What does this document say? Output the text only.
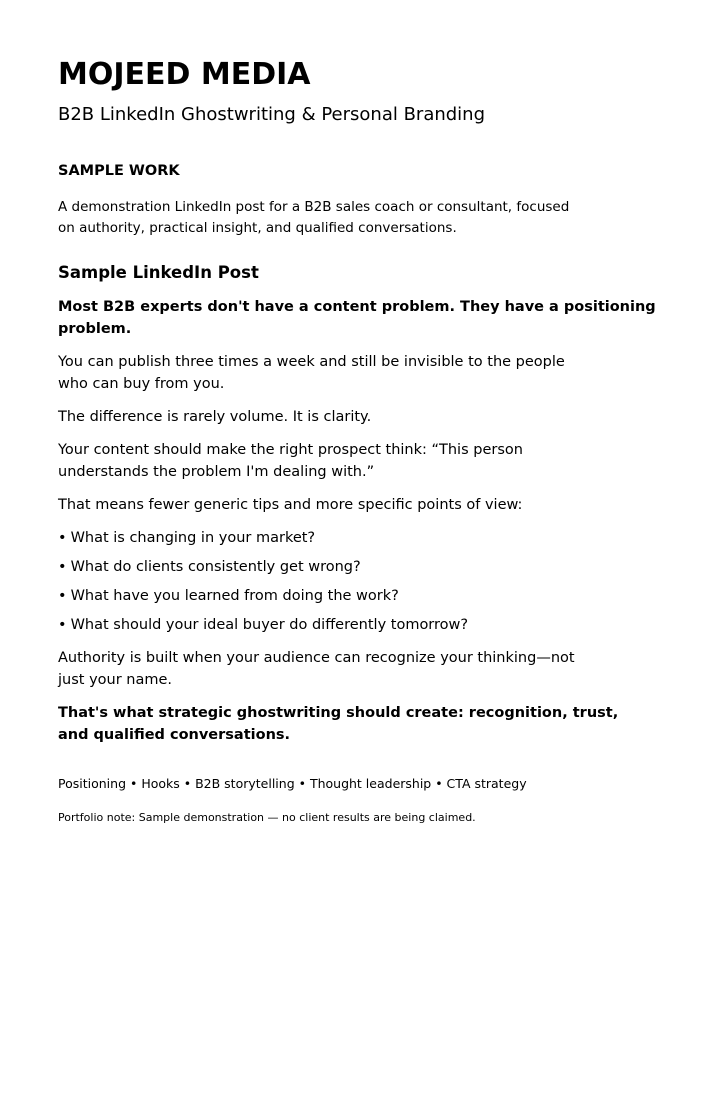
MOJEED MEDIA
B2B LinkedIn Ghostwriting & Personal Branding
SAMPLE WORK

A demonstration LinkedIn post for a B2B sales coach or consultant, focused
on authority, practical insight, and qualified conversations.

Sample LinkedIn Post

Most B2B experts don't have a content problem. They have a positioning
problem.

You can publish three times a week and still be invisible to the people
who can buy from you.

The difference is rarely volume. It is clarity.

Your content should make the right prospect think: “This person
understands the problem I'm dealing with.”

That means fewer generic tips and more specific points of view:

• What is changing in your market?
• What do clients consistently get wrong?
• What have you learned from doing the work?
• What should your ideal buyer do differently tomorrow?

Authority is built when your audience can recognize your thinking—not
just your name.

That's what strategic ghostwriting should create: recognition, trust,
and qualified conversations.

Positioning • Hooks • B2B storytelling • Thought leadership • CTA strategy
Portfolio note: Sample demonstration — no client results are being claimed.
